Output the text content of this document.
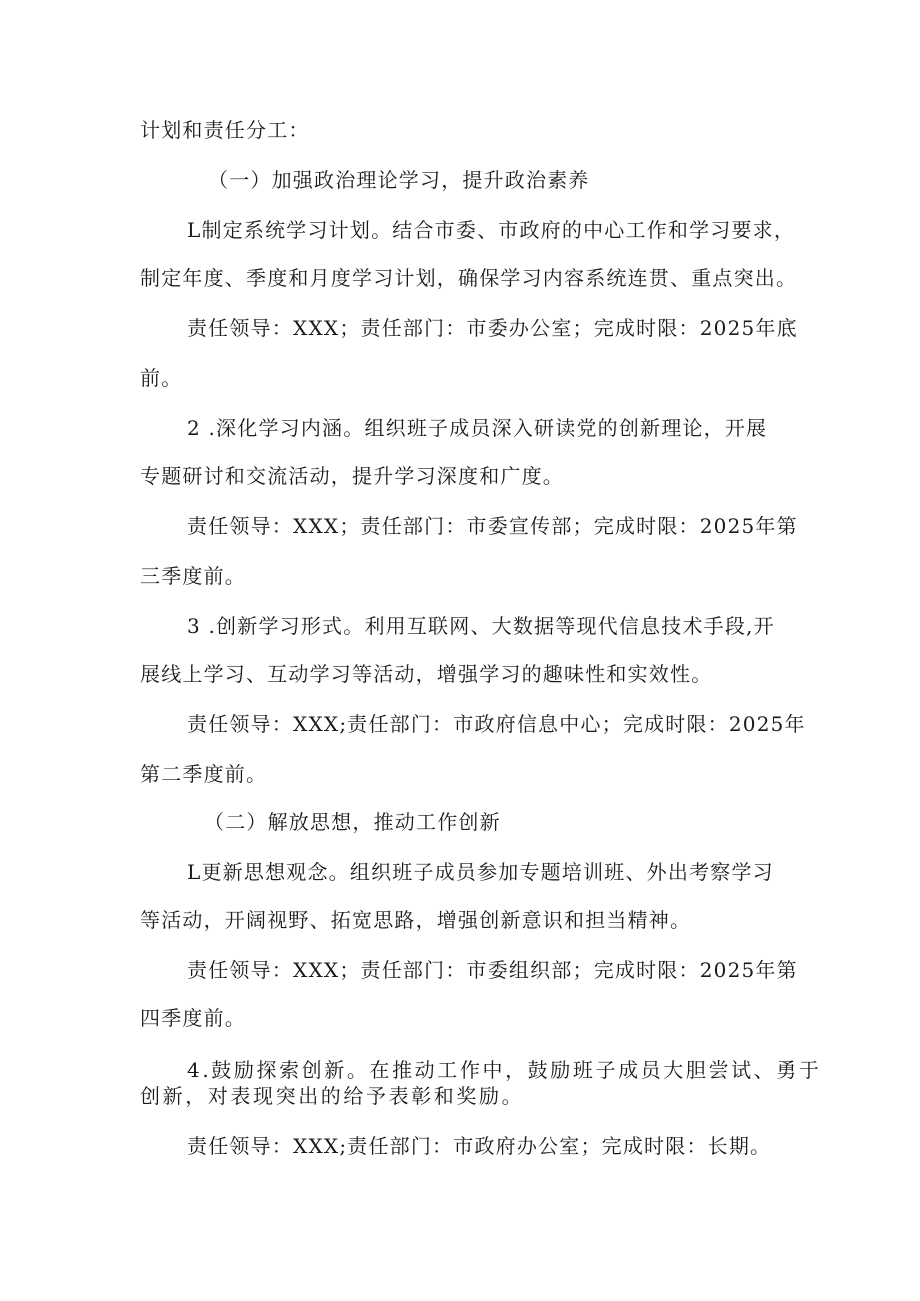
计划和责任分工：
（一）加强政治理论学习，提升政治素养
L制定系统学习计划。结合市委、市政府的中心工作和学习要求，
制定年度、季度和月度学习计划，确保学习内容系统连贯、重点突出。
责任领导：XXX；责任部门：市委办公室；完成时限：2025年底
前。
2 .深化学习内涵。组织班子成员深入研读党的创新理论，开展
专题研讨和交流活动，提升学习深度和广度。
责任领导：XXX；责任部门：市委宣传部；完成时限：2025年第
三季度前。
3 .创新学习形式。利用互联网、大数据等现代信息技术手段,开
展线上学习、互动学习等活动，增强学习的趣味性和实效性。
责任领导：XXX;责任部门：市政府信息中心；完成时限：2025年
第二季度前。
（二）解放思想，推动工作创新
L更新思想观念。组织班子成员参加专题培训班、外出考察学习
等活动，开阔视野、拓宽思路，增强创新意识和担当精神。
责任领导：XXX；责任部门：市委组织部；完成时限：2025年第
四季度前。
4.鼓励探索创新。在推动工作中，鼓励班子成员大胆尝试、勇于
创新，对表现突出的给予表彰和奖励。
责任领导：XXX;责任部门：市政府办公室；完成时限：长期。
